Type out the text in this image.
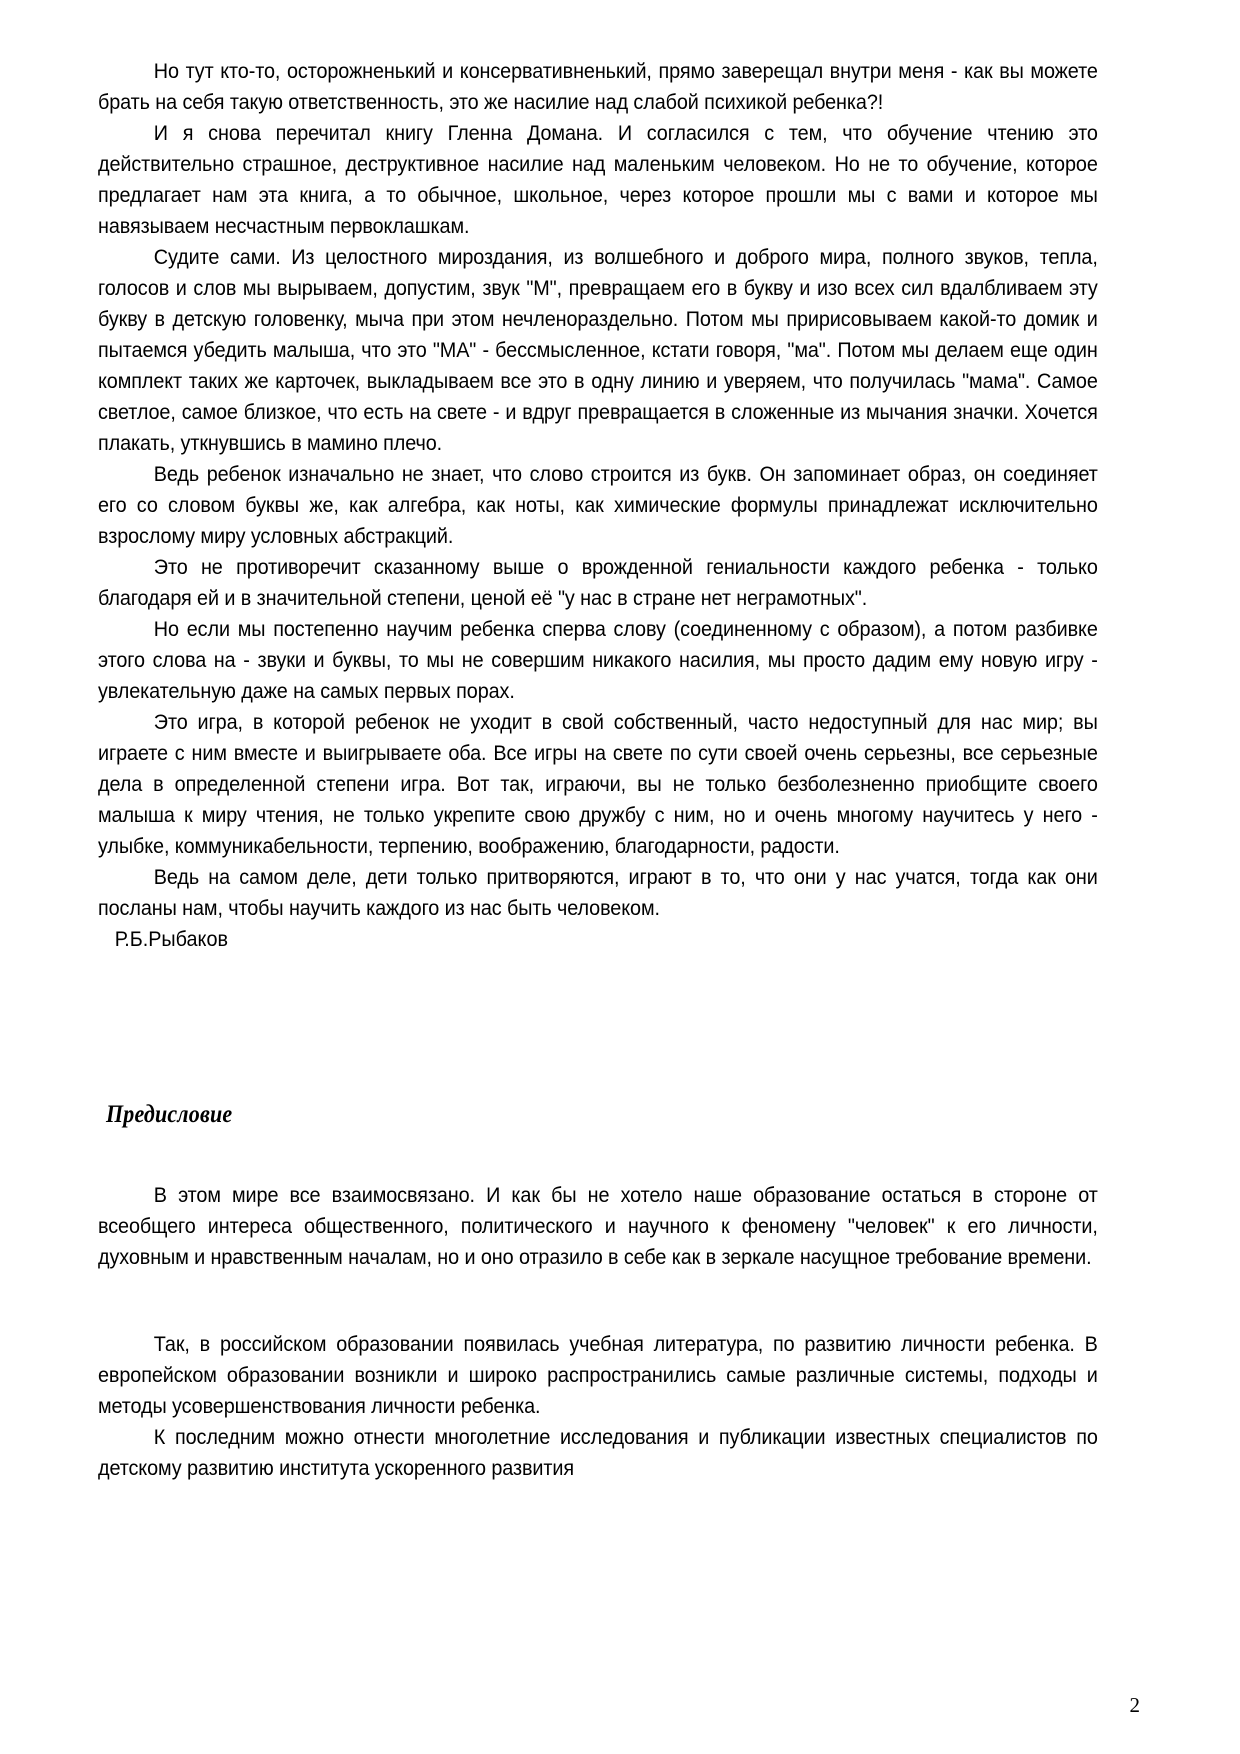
Но тут кто-то, осторожненький и консервативненький, прямо заверещал внутри меня - как вы можете брать на себя такую ответственность, это же насилие над слабой психикой ребенка?!

И я снова перечитал книгу Гленна Домана. И согласился с тем, что обучение чтению это действительно страшное, деструктивное насилие над маленьким человеком. Но не то обучение, которое предлагает нам эта книга, а то обычное, школьное, через которое прошли мы с вами и которое мы навязываем несчастным первоклашкам.

Судите сами. Из целостного мироздания, из волшебного и доброго мира, полного звуков, тепла, голосов и слов мы вырываем, допустим, звук "М", превращаем его в букву и изо всех сил вдалбливаем эту букву в детскую головенку, мыча при этом нечленораздельно. Потом мы пририсовываем какой-то домик и пытаемся убедить малыша, что это "МА" - бессмысленное, кстати говоря, "ма". Потом мы делаем еще один комплект таких же карточек, выкладываем все это в одну линию и уверяем, что получилась "мама". Самое светлое, самое близкое, что есть на свете - и вдруг превращается в сложенные из мычания значки. Хочется плакать, уткнувшись в мамино плечо.

Ведь ребенок изначально не знает, что слово строится из букв. Он запоминает образ, он соединяет его со словом буквы же, как алгебра, как ноты, как химические формулы принадлежат исключительно взрослому миру условных абстракций.

Это не противоречит сказанному выше о врожденной гениальности каждого ребенка - только благодаря ей и в значительной степени, ценой её "у нас в стране нет неграмотных".

Но если мы постепенно научим ребенка сперва слову (соединенному с образом), а потом разбивке этого слова на - звуки и буквы, то мы не совершим никакого насилия, мы просто дадим ему новую игру - увлекательную даже на самых первых порах.

Это игра, в которой ребенок не уходит в свой собственный, часто недоступный для нас мир; вы играете с ним вместе и выигрываете оба. Все игры на свете по сути своей очень серьезны, все серьезные дела в определенной степени игра. Вот так, играючи, вы не только безболезненно приобщите своего малыша к миру чтения, не только укрепите свою дружбу с ним, но и очень многому научитесь у него - улыбке, коммуникабельности, терпению, воображению, благодарности, радости.

Ведь на самом деле, дети только притворяются, играют в то, что они у нас учатся, тогда как они посланы нам, чтобы научить каждого из нас быть человеком.

Р.Б.Рыбаков

Предисловие

В этом мире все взаимосвязано. И как бы не хотело наше образование остаться в стороне от всеобщего интереса общественного, политического и научного к феномену "человек" к его личности, духовным и нравственным началам, но и оно отразило в себе как в зеркале насущное требование времени.

Так, в российском образовании появилась учебная литература, по развитию личности ребенка. В европейском образовании возникли и широко распространились самые различные системы, подходы и методы усовершенствования личности ребенка.

К последним можно отнести многолетние исследования и публикации известных специалистов по детскому развитию института ускоренного развития

2
